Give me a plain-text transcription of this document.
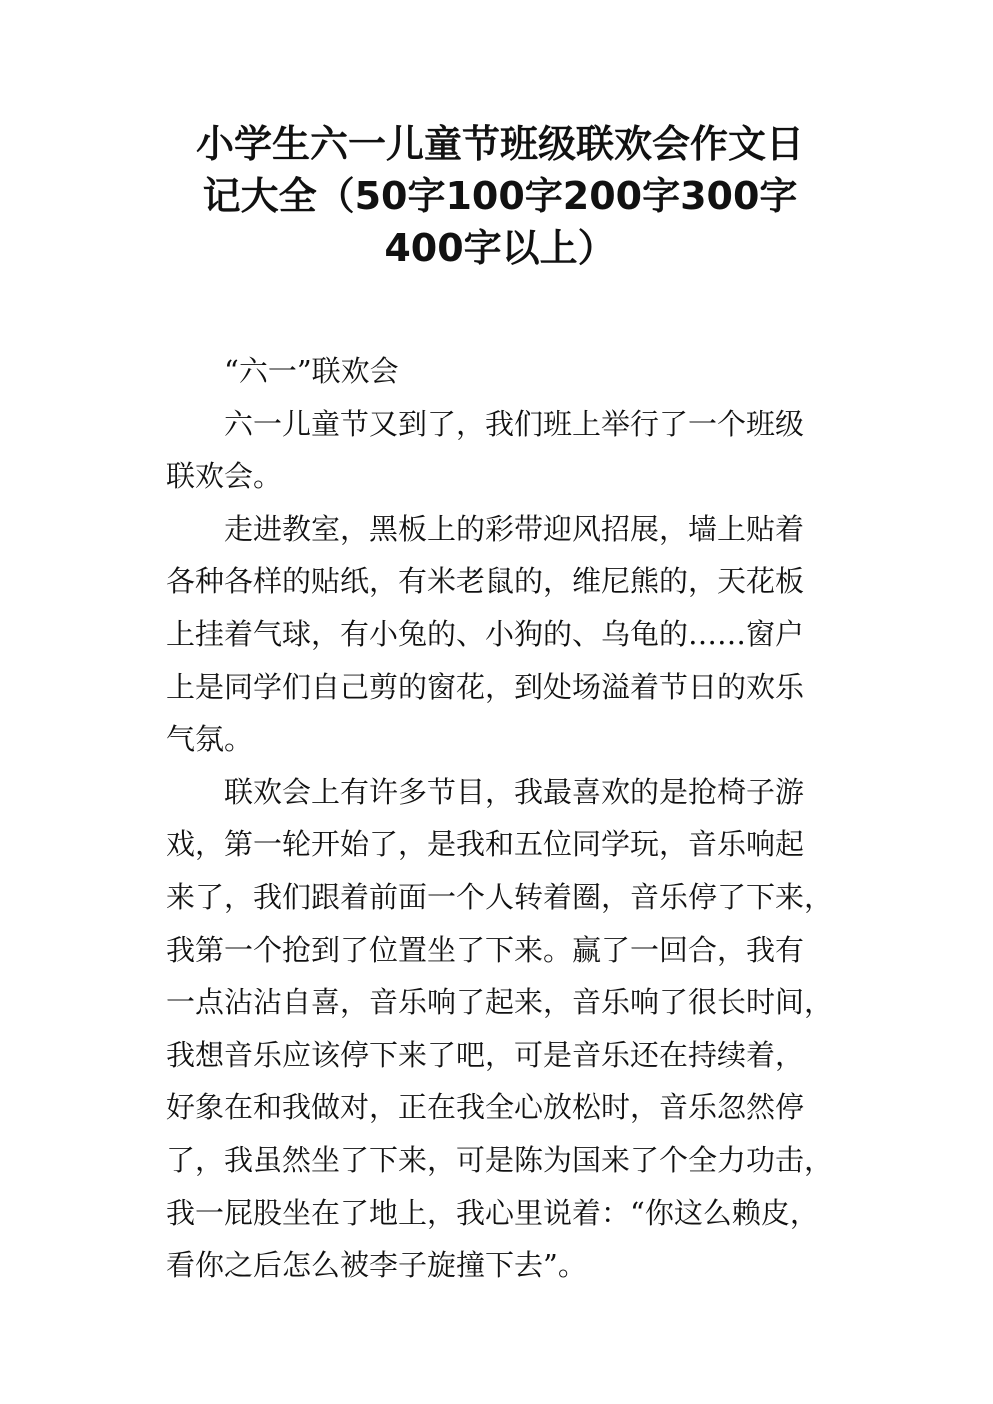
小学生六一儿童节班级联欢会作文日
记大全（50字100字200字300字
400字以上）

“六一”联欢会

六一儿童节又到了，我们班上举行了一个班级
联欢会。

走进教室，黑板上的彩带迎风招展，墙上贴着
各种各样的贴纸，有米老鼠的，维尼熊的，天花板
上挂着气球，有小兔的、小狗的、乌龟的……窗户
上是同学们自己剪的窗花，到处场溢着节日的欢乐
气氛。

联欢会上有许多节目，我最喜欢的是抢椅子游
戏，第一轮开始了，是我和五位同学玩，音乐响起
来了，我们跟着前面一个人转着圈，音乐停了下来，
我第一个抢到了位置坐了下来。赢了一回合，我有
一点沾沾自喜，音乐响了起来，音乐响了很长时间，
我想音乐应该停下来了吧，可是音乐还在持续着，
好象在和我做对，正在我全心放松时，音乐忽然停
了，我虽然坐了下来，可是陈为国来了个全力功击，
我一屁股坐在了地上，我心里说着：“你这么赖皮，
看你之后怎么被李子旋撞下去”。
